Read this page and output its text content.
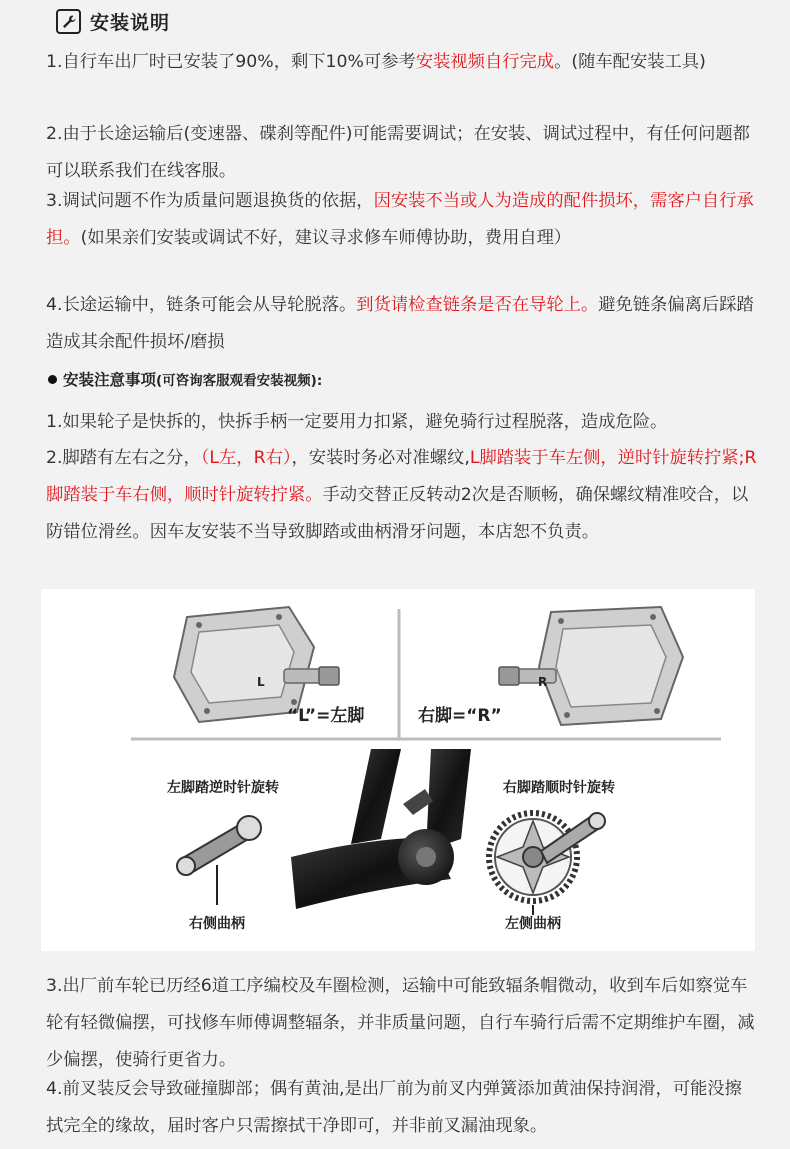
安装说明
1.自行车出厂时已安装了90%，剩下10%可参考安装视频自行完成。(随车配安装工具)
2.由于长途运输后(变速器、碟刹等配件)可能需要调试；在安装、调试过程中，有任何问题都可以联系我们在线客服。
3.调试问题不作为质量问题退换货的依据，因安装不当或人为造成的配件损坏，需客户自行承担。(如果亲们安装或调试不好，建议寻求修车师傅协助，费用自理）
4.长途运输中，链条可能会从导轮脱落。到货请检查链条是否在导轮上。避免链条偏离后踩踏造成其余配件损坏/磨损
安装注意事项 (可咨询客服观看安装视频):
1.如果轮子是快拆的，快拆手柄一定要用力扣紧，避免骑行过程脱落，造成危险。
2.脚踏有左右之分，（L左，R右），安装时务必对准螺纹,L脚踏装于车左侧，逆时针旋转拧紧;R脚踏装于车右侧，顺时针旋转拧紧。手动交替正反转动2次是否顺畅，确保螺纹精准咬合，以防错位滑丝。因车友安装不当导致脚踏或曲柄滑牙问题，本店恕不负责。
L	R
“L”=左脚	右脚=“R”
左脚踏逆时针旋转	右脚踏顺时针旋转
右侧曲柄	左侧曲柄
3.出厂前车轮已历经6道工序编校及车圈检测，运输中可能致辐条帽微动，收到车后如察觉车轮有轻微偏摆，可找修车师傅调整辐条，并非质量问题，自行车骑行后需不定期维护车圈，减少偏摆，使骑行更省力。
4.前叉装反会导致碰撞脚部；偶有黄油,是出厂前为前叉内弹簧添加黄油保持润滑，可能没擦拭完全的缘故，届时客户只需擦拭干净即可，并非前叉漏油现象。
